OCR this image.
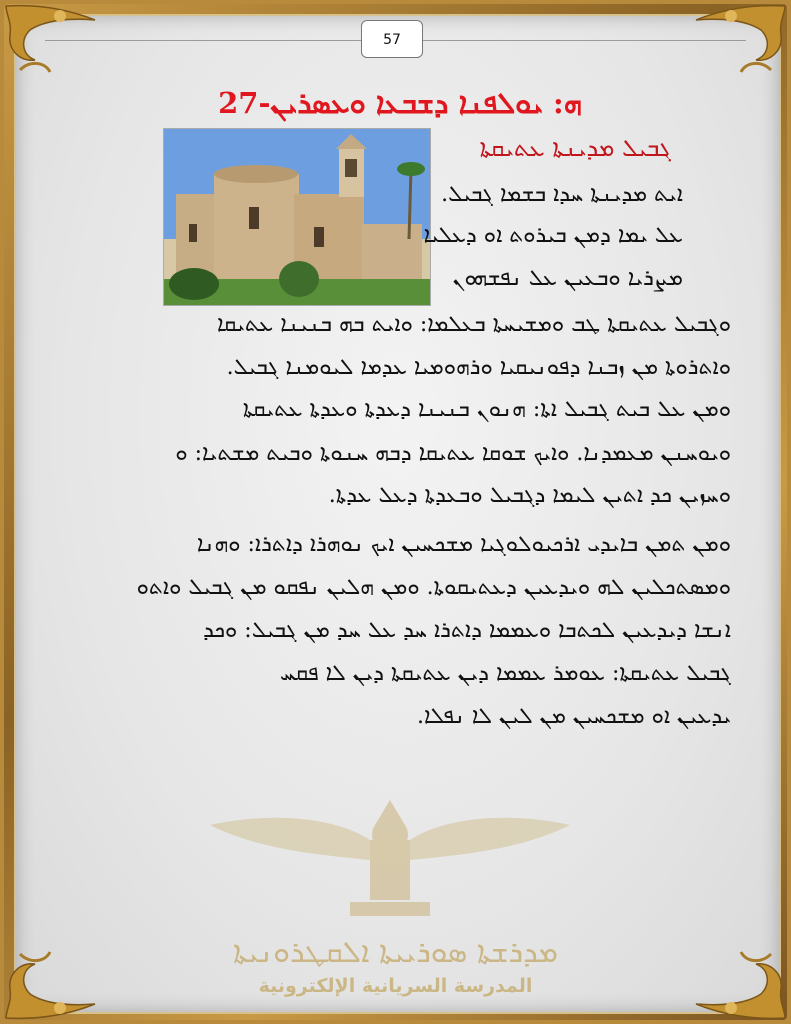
57
ܗ: ܝܘܠܦܢܐ ܕܫܒܥܐ ܘܥܣܪܝܢ-27
ܓܒܝܠ ܡܕܝܢܬܐ ܥܬܝܩܬܐ
ܐܝܬ ܡܕܝܢܬܐ ܚܕܐ ܒܫܡܐ ܓܒܝܠ.
ܥܠ ܝܡܐ ܕܡܢ ܒܝܪܘܬ ܐܘ ܕܥܠܝܐ
ܡܨܪܝܐ ܘܒܥܝܢ ܥܠ ܢܦܫܗܘܢ
ܘܓܒܝܠ ܥܬܝܩܬܐ ܛܒ ܘܡܫܝܚܬܐ ܒܥܠܡܐ: ܘܐܝܬ ܒܗ ܒܢܝܢܐ ܥܬܝܩܐ
ܘܐܬܪܘܬܐ ܡܢ ܙܒܢܐ ܕܦܘܢܝܩܝܐ ܘܪܗܘܡܝܐ ܥܕܡܐ ܠܝܘܡܢܐ ܓܒܝܠ.
ܘܡܢ ܥܠ ܒܝܬ ܓܒܝܠ ܐܬܐ: ܗܢܘܢ ܒܢܝܢܐ ܕܥܕܬܐ ܘܥܕܬܐ ܥܬܝܩܬܐ
ܘܝܘܚܢܢ ܡܥܡܕܢܐ. ܘܐܝܟ ܫܘܩܐ ܥܬܝܩܐ ܕܒܗ ܚܢܘܬܐ ܘܒܝܬ ܡܫܬܝܐ: ܘ
ܘܚܙܝܢ ܟܕ ܐܬܝܢ ܠܝܡܐ ܕܓܒܝܠ ܘܒܥܕܬܐ ܕܥܠ ܥܕܬܐ.
ܘܡܢ ܬܡܢ ܒܐܝܕܝ ܐܪܟܝܘܠܘܓܝܐ ܡܫܟܚܝܢ ܐܝܟ ܢܘܗܪܐ ܕܐܬܪܐ: ܘܗܢܐ
ܘܡܣܬܟܠܝܢ ܠܗ ܘܝܕܥܝܢ ܕܥܬܝܩܘܬܐ. ܘܡܢ ܗܠܝܢ ܢܦܩܘ ܡܢ ܓܒܝܠ ܘܐܬܘ
ܐܢܫܐ ܕܝܕܥܝܢ ܠܟܬܒܐ ܘܥܡܡܐ ܕܐܬܪܐ ܚܕ ܥܠ ܚܕ ܡܢ ܓܒܝܠ: ܘܟܕ
ܓܒܝܠ ܥܬܝܩܬܐ: ܥܘܡܪ ܥܡܡܐ ܕܝܢ ܥܬܝܩܬܐ ܕܝܢ ܠܐ ܦܩܚ
ܝܕܥܝܢ ܐܘ ܡܫܟܚܝܢ ܡܢ ܠܝܢ ܠܐ ܢܦܠܐ.
ܡܕܪܫܬܐ ܣܘܪܝܝܬܐ ܐܠܩܛܪܘܢܝܬܐ
المدرسة السريانية الإلكترونية
